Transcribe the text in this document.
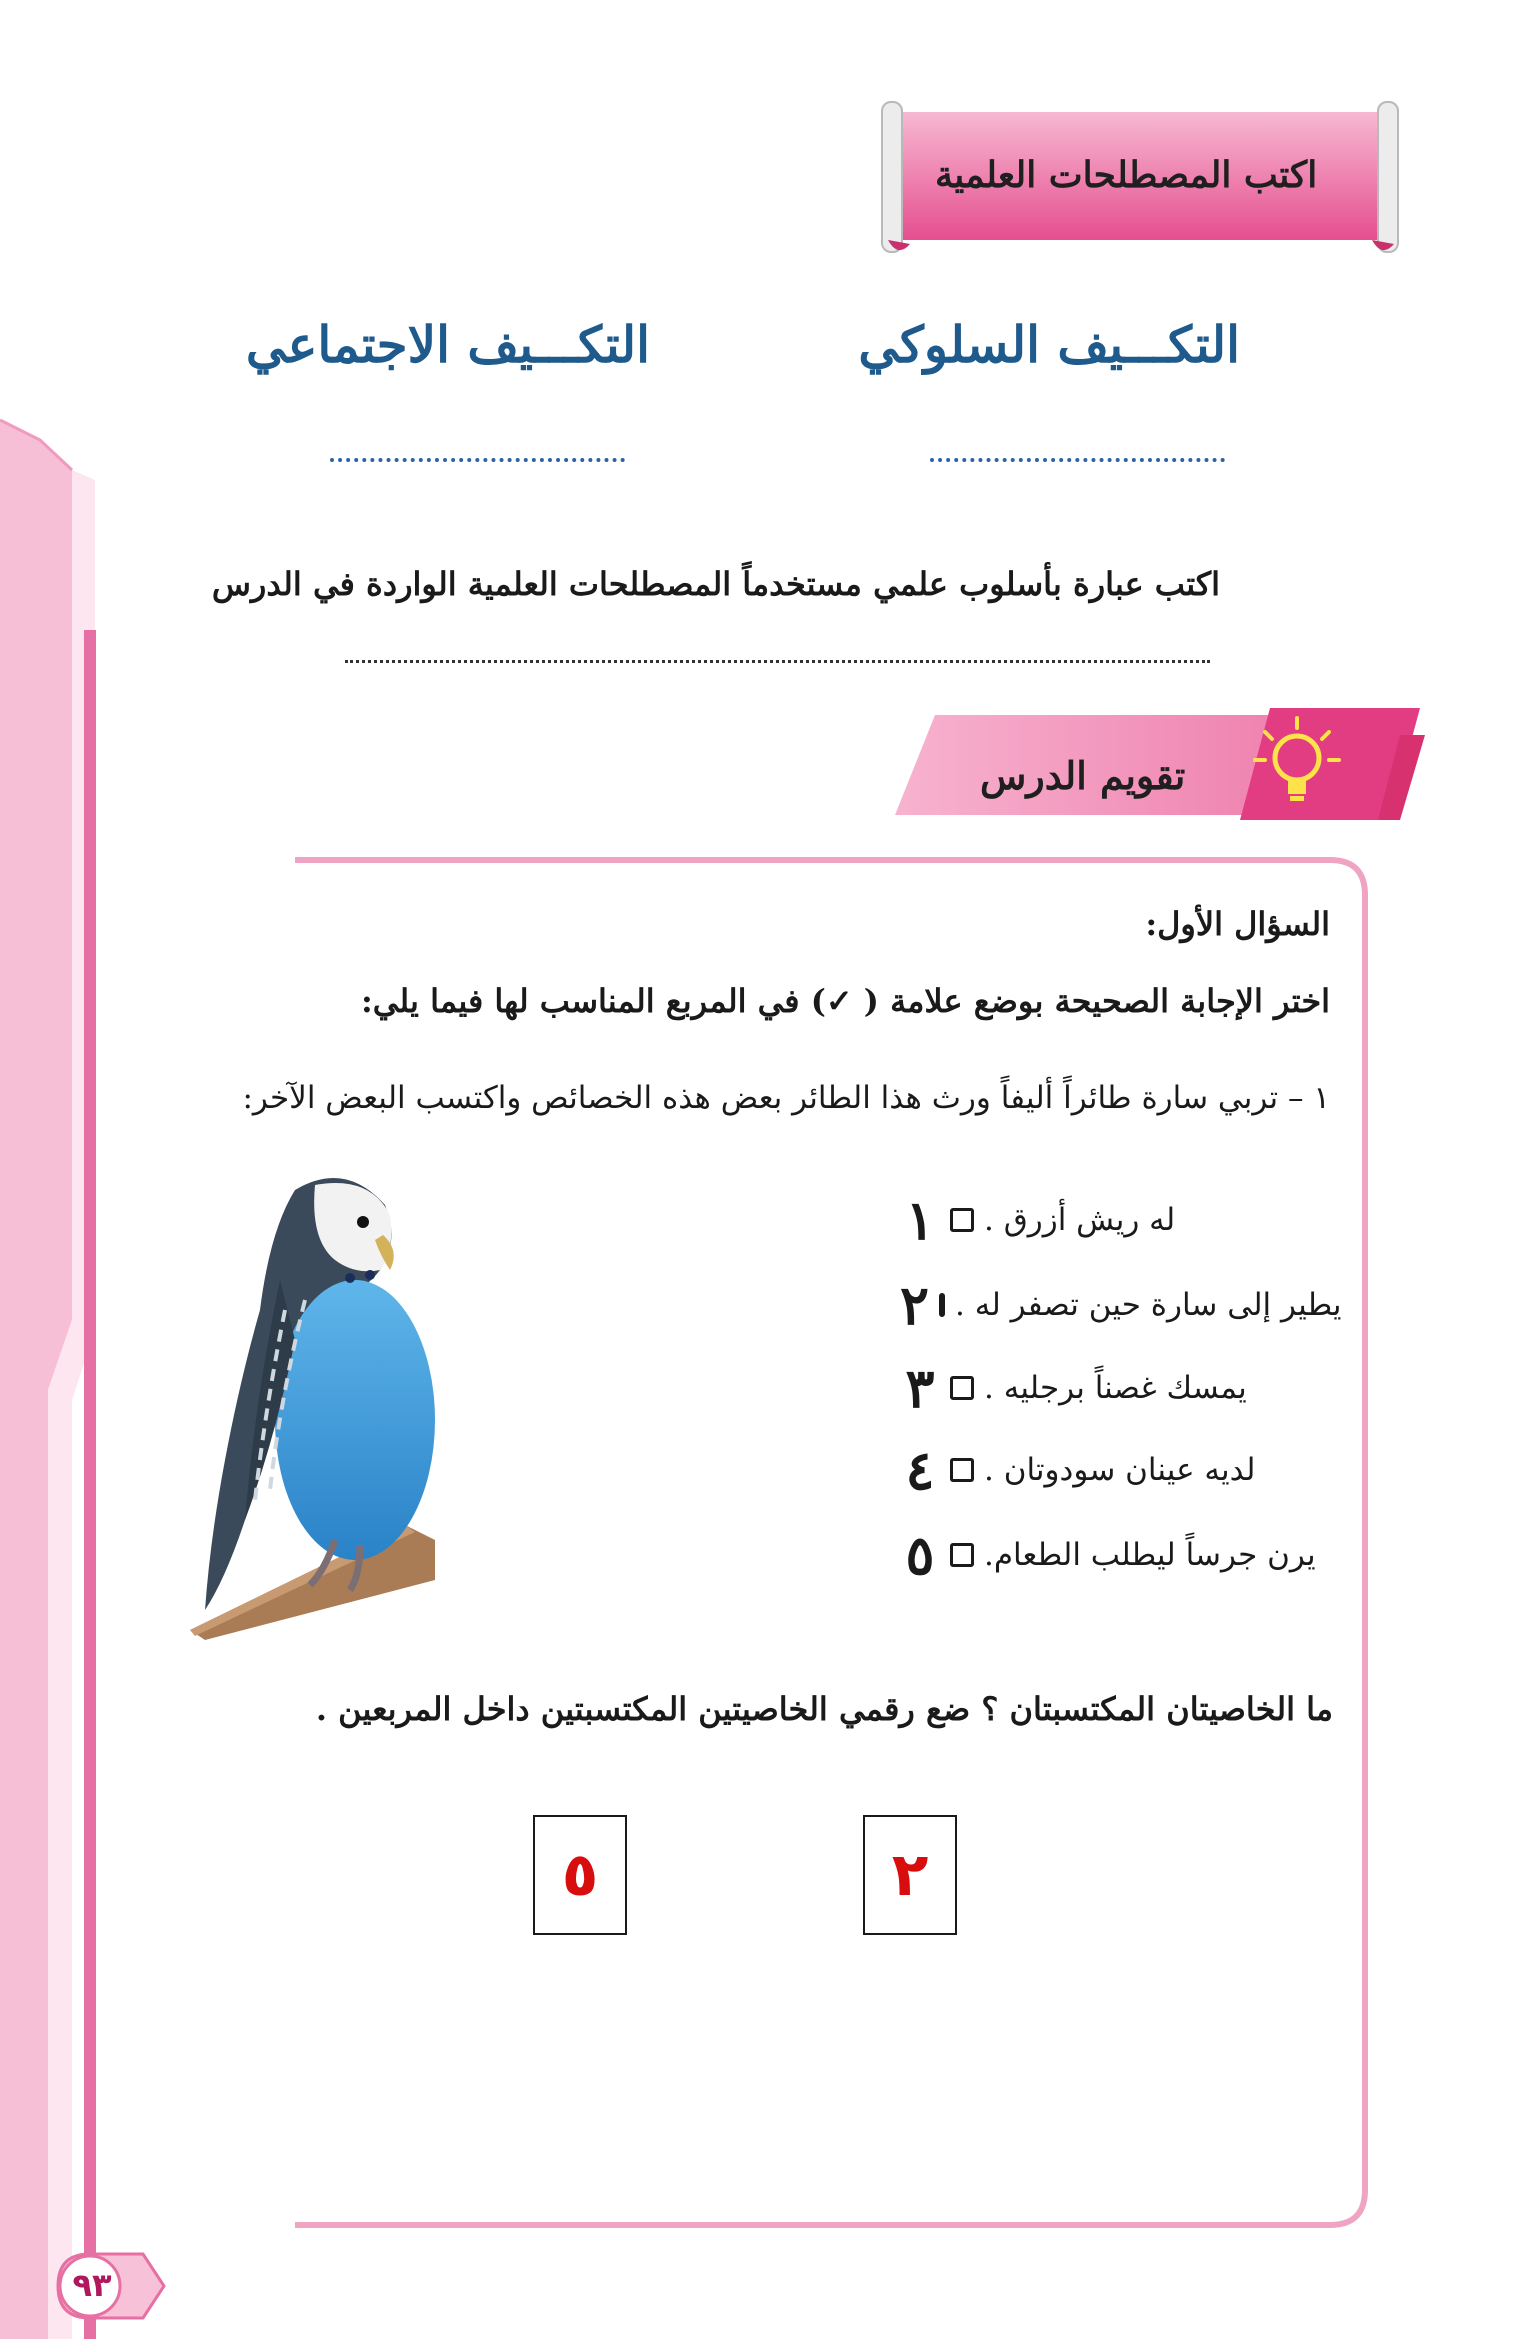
اكتب المصطلحات العلمية
التكـــيف السلوكي
التكـــيف الاجتماعي
اكتب عبارة بأسلوب علمي مستخدماً المصطلحات العلمية الواردة في الدرس
تقويم الدرس
السؤال الأول:
اختر الإجابة الصحيحة بوضع علامة ( ✓) في المربع المناسب لها فيما يلي:
١ – تربي سارة طائراً أليفاً ورث هذا الطائر بعض هذه الخصائص واكتسب البعض الآخر:
١ له ريش أزرق .
٢ يطير إلى سارة حين تصفر له .
٣ يمسك غصناً برجليه .
٤ لديه عينان سودوتان .
٥ يرن جرساً ليطلب الطعام.
ما الخاصيتان المكتسبتان ؟ ضع رقمي الخاصيتين المكتسبتين داخل المربعين .
٢
٥
٩٣
